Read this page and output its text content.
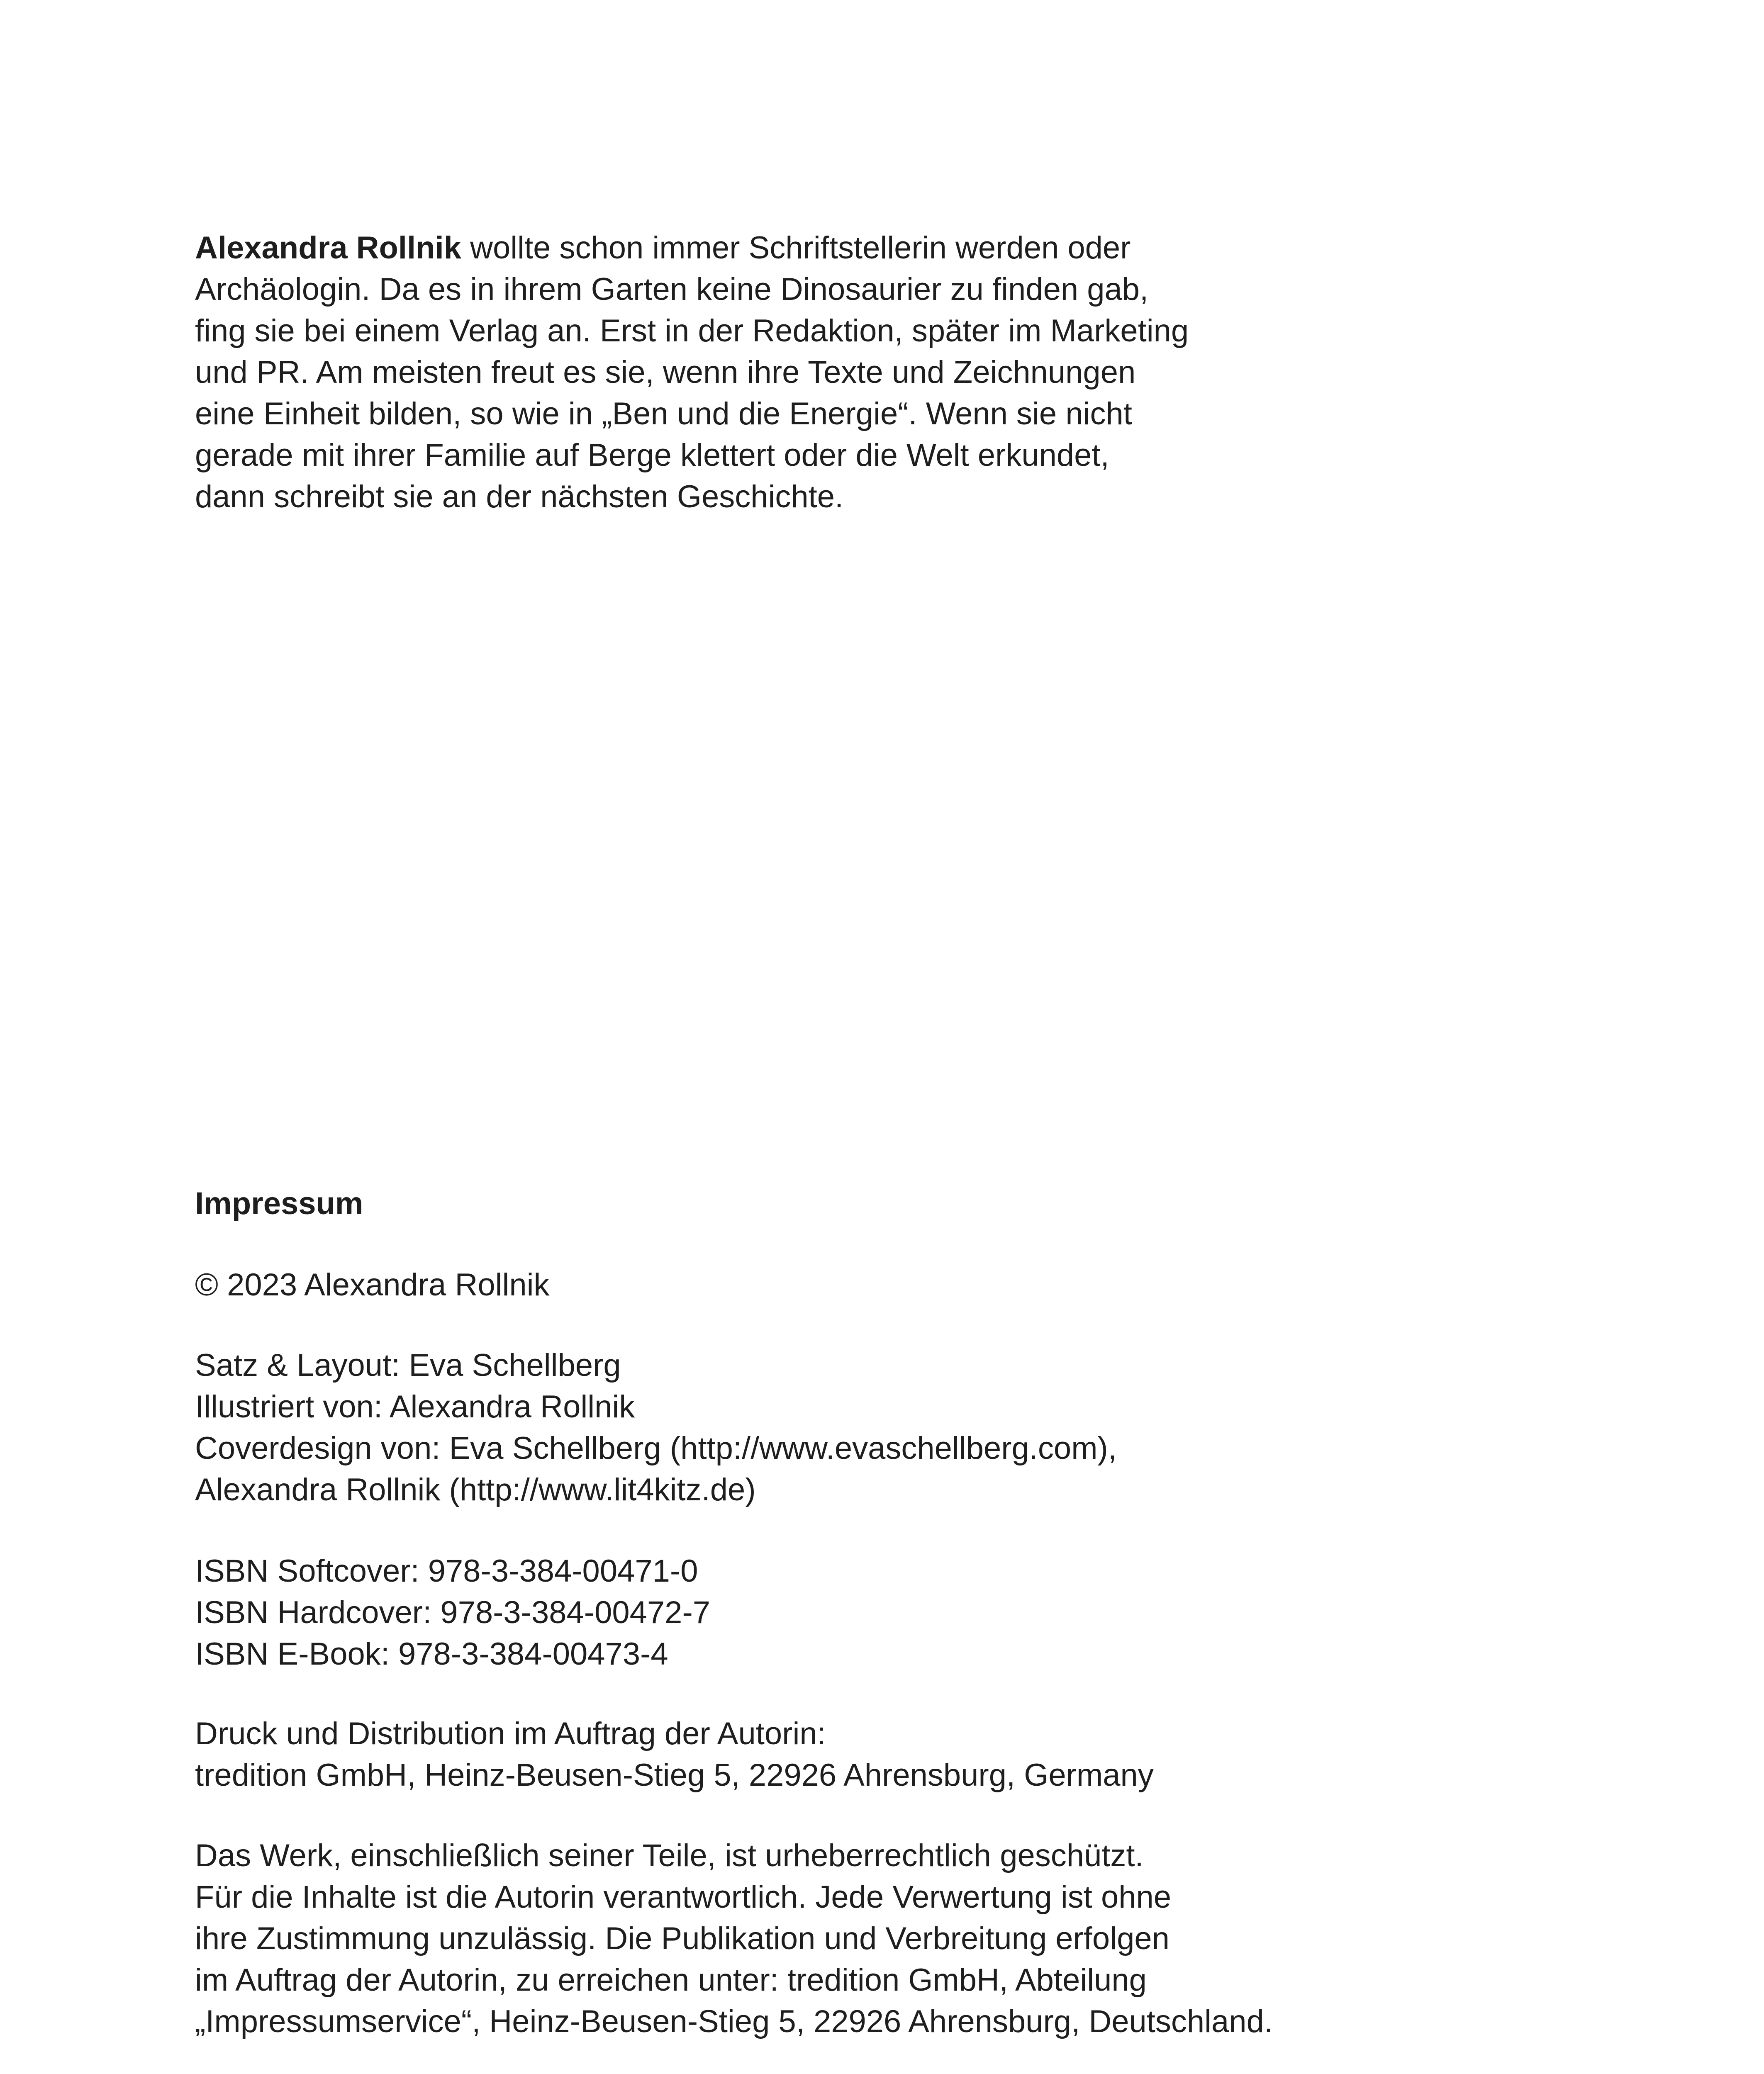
Alexandra Rollnik wollte schon immer Schriftstellerin werden oder
Archäologin. Da es in ihrem Garten keine Dinosaurier zu finden gab,
fing sie bei einem Verlag an. Erst in der Redaktion, später im Marketing
und PR. Am meisten freut es sie, wenn ihre Texte und Zeichnungen
eine Einheit bilden, so wie in „Ben und die Energie“. Wenn sie nicht
gerade mit ihrer Familie auf Berge klettert oder die Welt erkundet,
dann schreibt sie an der nächsten Geschichte.
Impressum
© 2023 Alexandra Rollnik
Satz & Layout: Eva Schellberg
Illustriert von: Alexandra Rollnik
Coverdesign von: Eva Schellberg (http://www.evaschellberg.com),
Alexandra Rollnik (http://www.lit4kitz.de)
ISBN Softcover: 978-3-384-00471-0
ISBN Hardcover: 978-3-384-00472-7
ISBN E-Book: 978-3-384-00473-4
Druck und Distribution im Auftrag der Autorin:
tredition GmbH, Heinz-Beusen-Stieg 5, 22926 Ahrensburg, Germany
Das Werk, einschließlich seiner Teile, ist urheberrechtlich geschützt.
Für die Inhalte ist die Autorin verantwortlich. Jede Verwertung ist ohne
ihre Zustimmung unzulässig. Die Publikation und Verbreitung erfolgen
im Auftrag der Autorin, zu erreichen unter: tredition GmbH, Abteilung
„Impressumservice“, Heinz-Beusen-Stieg 5, 22926 Ahrensburg, Deutschland.
